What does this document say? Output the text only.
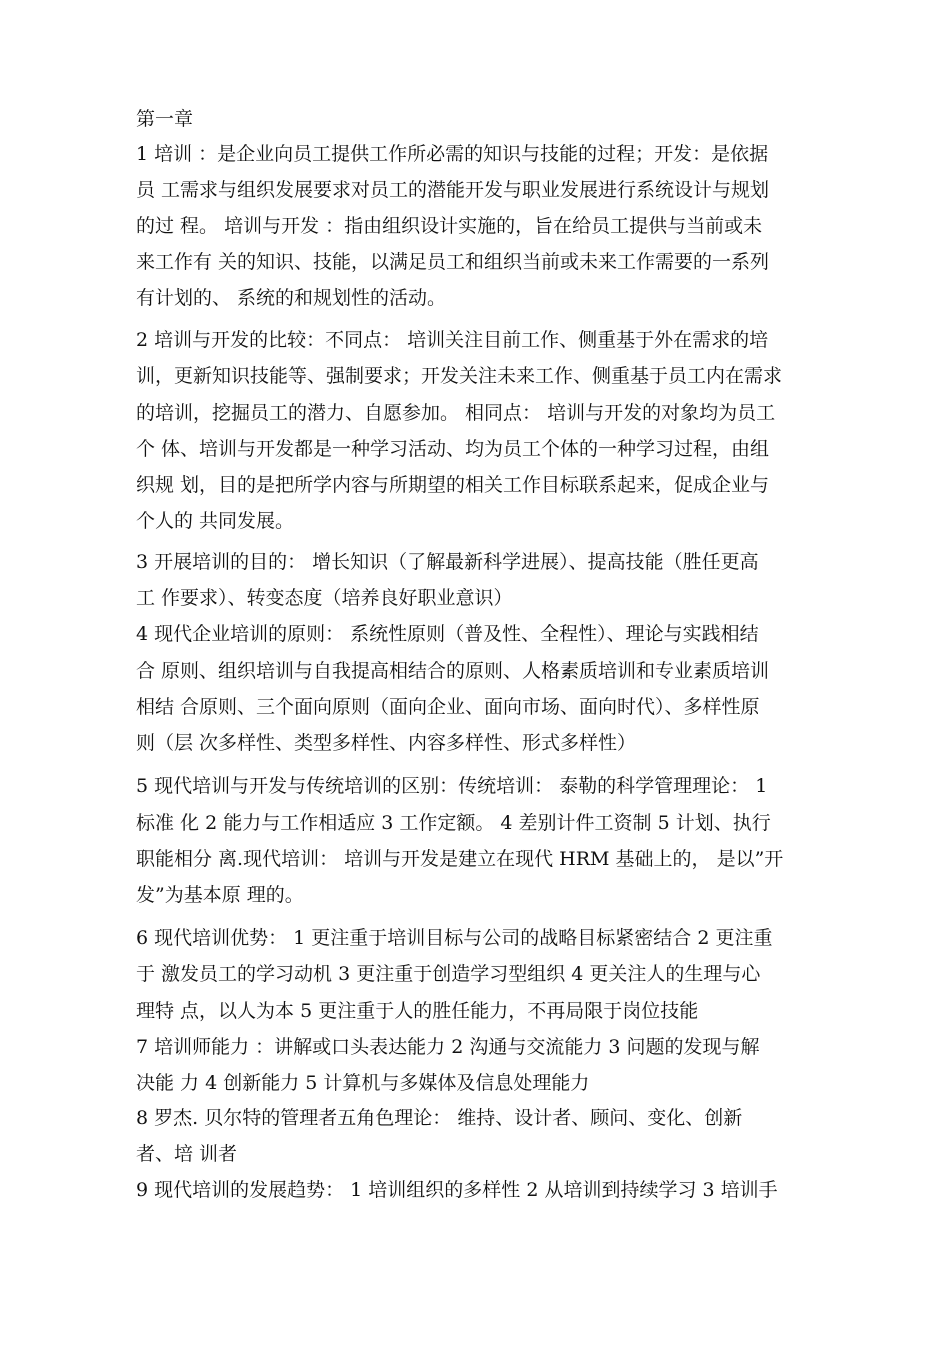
第一章
1 培训 ：是企业向员工提供工作所必需的知识与技能的过程；开发：是依据
员 工需求与组织发展要求对员工的潜能开发与职业发展进行系统设计与规划
的过 程。 培训与开发 ：指由组织设计实施的，旨在给员工提供与当前或未
来工作有 关的知识、技能，以满足员工和组织当前或未来工作需要的一系列
有计划的、 系统的和规划性的活动。
2 培训与开发的比较：不同点： 培训关注目前工作、侧重基于外在需求的培
训，更新知识技能等、强制要求；开发关注未来工作、侧重基于员工内在需求
的培训，挖掘员工的潜力、自愿参加。 相同点： 培训与开发的对象均为员工
个 体、培训与开发都是一种学习活动、均为员工个体的一种学习过程，由组
织规 划，目的是把所学内容与所期望的相关工作目标联系起来，促成企业与
个人的 共同发展。
3 开展培训的目的： 增长知识（了解最新科学进展）、提高技能（胜任更高
工 作要求）、转变态度（培养良好职业意识）
4 现代企业培训的原则： 系统性原则（普及性、全程性）、理论与实践相结
合 原则、组织培训与自我提高相结合的原则、人格素质培训和专业素质培训
相结 合原则、三个面向原则（面向企业、面向市场、面向时代）、多样性原
则（层 次多样性、类型多样性、内容多样性、形式多样性）
5 现代培训与开发与传统培训的区别：传统培训： 泰勒的科学管理理论： 1
标准 化 2 能力与工作相适应 3 工作定额。 4 差别计件工资制 5 计划、执行
职能相分 离.现代培训： 培训与开发是建立在现代 HRM 基础上的， 是以”开
发”为基本原 理的。
6 现代培训优势： 1 更注重于培训目标与公司的战略目标紧密结合 2 更注重
于 激发员工的学习动机 3 更注重于创造学习型组织 4 更关注人的生理与心
理特 点，以人为本 5 更注重于人的胜任能力，不再局限于岗位技能
7 培训师能力 ：讲解或口头表达能力 2 沟通与交流能力 3 问题的发现与解
决能 力 4 创新能力 5 计算机与多媒体及信息处理能力
8 罗杰. 贝尔特的管理者五角色理论： 维持、设计者、顾问、变化、创新
者、培 训者
9 现代培训的发展趋势： 1 培训组织的多样性 2 从培训到持续学习 3 培训手
